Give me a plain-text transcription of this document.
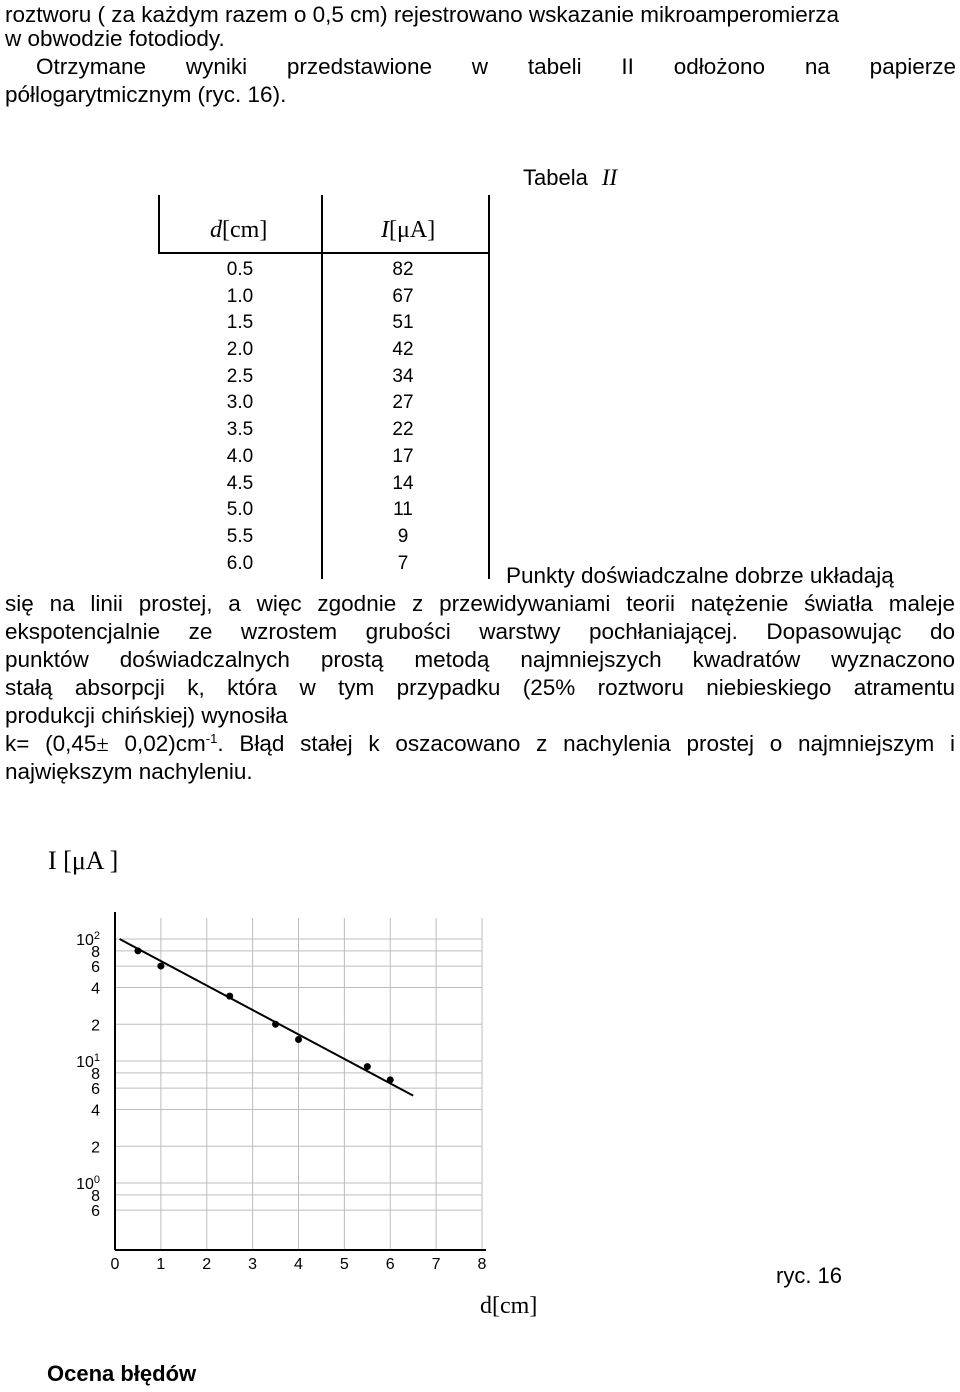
roztworu ( za każdym razem o 0,5 cm) rejestrowano wskazanie mikroamperomierza

w obwodzie fotodiody.

Otrzymane wyniki przedstawione w tabeli II odłożono na papierze

półlogarytmicznym (ryc. 16).

Tabela II
d[cm]	I[μA]
0.5
1.0
1.5
2.0
2.5
3.0
3.5
4.0
4.5
5.0
5.5
6.0
82
67
51
42
34
27
22
17
14
11
9
7	Punkty doświadczalne dobrze układają

się na linii prostej, a więc zgodnie z przewidywaniami teorii natężenie światła maleje

ekspotencjalnie ze wzrostem grubości warstwy pochłaniającej. Dopasowując do

punktów doświadczalnych prostą metodą najmniejszych kwadratów wyznaczono

stałą absorpcji k, która w tym przypadku (25% roztworu niebieskiego atramentu

produkcji chińskiej) wynosiła

$k= (0,45\pm 0,02)cm^{-1}$. Błąd stałej k oszacowano z nachylenia prostej o najmniejszym i

największym nachyleniu.

I [μA ]
$10^2$
8
6
4
2
$10^1$
8
6
4
2
$10^0$
8
6
0 1 2 3 4 5 6 7 8
d[cm]
ryc. 16
Ocena błędów
